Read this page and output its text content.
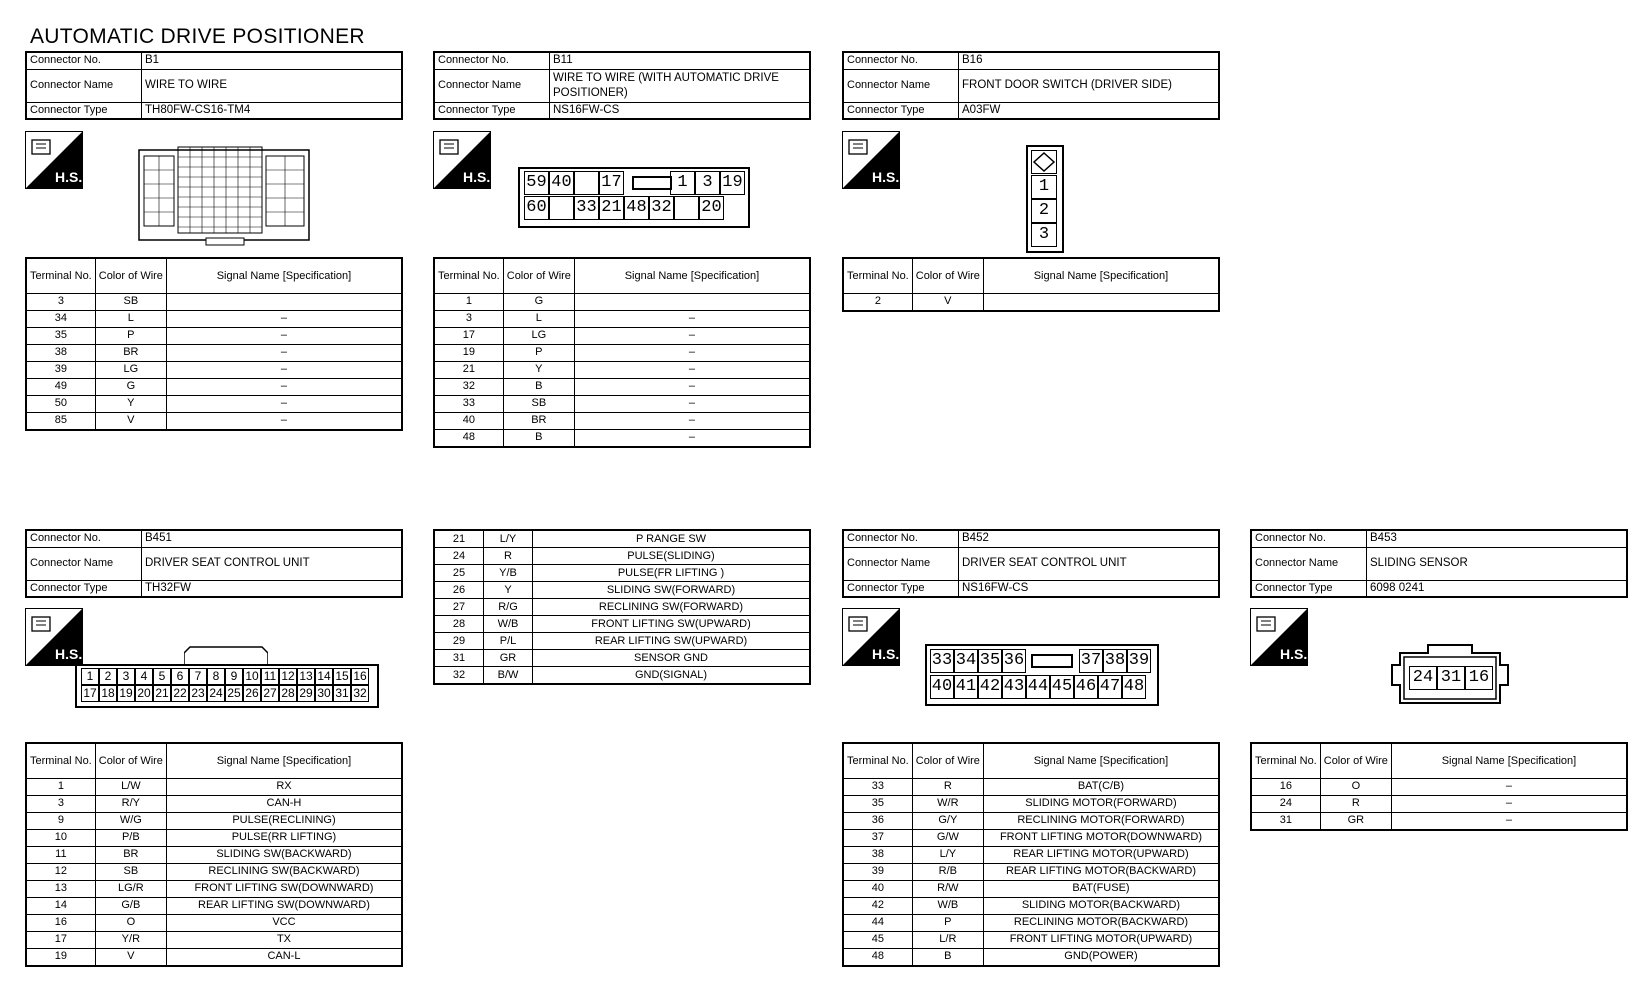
AUTOMATIC DRIVE POSITIONER
Connector No.	B1
Connector Name	WIRE TO WIRE
Connector Type	TH80FW-CS16-TM4
H.S.
Terminal No.	Color of Wire	Signal Name [Specification]
3	SB	
34	L	–
35	P	–
38	BR	–
39	LG	–
49	G	–
50	Y	–
85	V	–
Connector No.	B11
Connector Name	WIRE TO WIRE (WITH AUTOMATIC DRIVE POSITIONER)
Connector Type	NS16FW-CS
H.S. 59 40 17	1 3 19
60 33 21 48 32 20
Terminal No.	Color of Wire	Signal Name [Specification]
1	G	
3	L	–
17	LG	–
19	P	–
21	Y	–
32	B	–
33	SB	–
40	BR	–
48	B	–
Connector No.	B16
Connector Name	FRONT DOOR SWITCH (DRIVER SIDE)
Connector Type	A03FW
H.S.	1
2
3
Terminal No.	Color of Wire	Signal Name [Specification]
2	V	
Connector No.	B451
Connector Name	DRIVER SEAT CONTROL UNIT
Connector Type	TH32FW
H.S.
1 2 3 4 5 6 7 8 9 10 11 12 13 14 15 16
17 18 19 20 21 22 23 24 25 26 27 28 29 30 31 32
Terminal No.	Color of Wire	Signal Name [Specification]
1	L/W	RX
3	R/Y	CAN-H
9	W/G	PULSE(RECLINING)
10	P/B	PULSE(RR LIFTING)
11	BR	SLIDING SW(BACKWARD)
12	SB	RECLINING SW(BACKWARD)
13	LG/R	FRONT LIFTING SW(DOWNWARD)
14	G/B	REAR LIFTING SW(DOWNWARD)
16	O	VCC
17	Y/R	TX
19	V	CAN-L
21	L/Y	P RANGE SW
24	R	PULSE(SLIDING)
25	Y/B	PULSE(FR LIFTING )
26	Y	SLIDING SW(FORWARD)
27	R/G	RECLINING SW(FORWARD)
28	W/B	FRONT LIFTING SW(UPWARD)
29	P/L	REAR LIFTING SW(UPWARD)
31	GR	SENSOR GND
32	B/W	GND(SIGNAL)
Connector No.	B452
Connector Name	DRIVER SEAT CONTROL UNIT
Connector Type	NS16FW-CS
H.S. 33 34 35 36	37 38 39
40 41 42 43 44 45 46 47 48
Terminal No.	Color of Wire	Signal Name [Specification]
33	R	BAT(C/B)
35	W/R	SLIDING MOTOR(FORWARD)
36	G/Y	RECLINING MOTOR(FORWARD)
37	G/W	FRONT LIFTING MOTOR(DOWNWARD)
38	L/Y	REAR LIFTING MOTOR(UPWARD)
39	R/B	REAR LIFTING MOTOR(BACKWARD)
40	R/W	BAT(FUSE)
42	W/B	SLIDING MOTOR(BACKWARD)
44	P	RECLINING MOTOR(BACKWARD)
45	L/R	FRONT LIFTING MOTOR(UPWARD)
48	B	GND(POWER)
Connector No.	B453
Connector Name	SLIDING SENSOR
Connector Type	6098 0241
H.S.
24 31 16
Terminal No.	Color of Wire	Signal Name [Specification]
16	O	–
24	R	–
31	GR	–
